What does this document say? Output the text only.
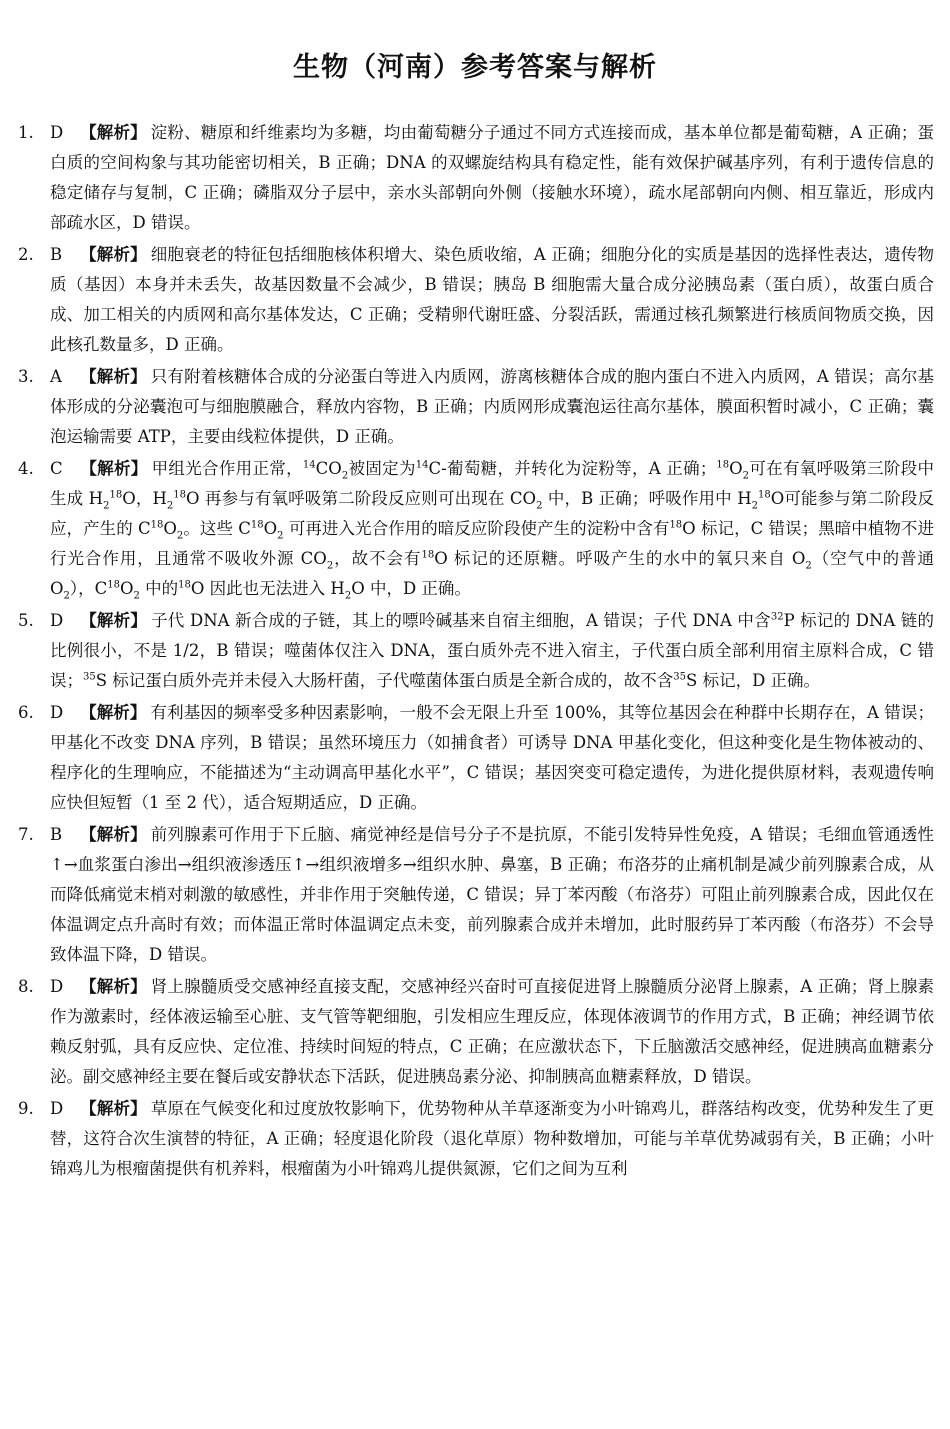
生物（河南）参考答案与解析
1. D 【解析】 淀粉、糖原和纤维素均为多糖，均由葡萄糖分子通过不同方式连接而成，基本单位都是葡萄糖，A 正确；蛋白质的空间构象与其功能密切相关，B 正确；DNA 的双螺旋结构具有稳定性，能有效保护碱基序列，有利于遗传信息的稳定储存与复制，C 正确；磷脂双分子层中，亲水头部朝向外侧（接触水环境），疏水尾部朝向内侧、相互靠近，形成内部疏水区，D 错误。
2. B 【解析】 细胞衰老的特征包括细胞核体积增大、染色质收缩，A 正确；细胞分化的实质是基因的选择性表达，遗传物质（基因）本身并未丢失，故基因数量不会减少，B 错误；胰岛 B 细胞需大量合成分泌胰岛素（蛋白质），故蛋白质合成、加工相关的内质网和高尔基体发达，C 正确；受精卵代谢旺盛、分裂活跃，需通过核孔频繁进行核质间物质交换，因此核孔数量多，D 正确。
3. A 【解析】 只有附着核糖体合成的分泌蛋白等进入内质网，游离核糖体合成的胞内蛋白不进入内质网，A 错误；高尔基体形成的分泌囊泡可与细胞膜融合，释放内容物，B 正确；内质网形成囊泡运往高尔基体，膜面积暂时减小，C 正确；囊泡运输需要 ATP，主要由线粒体提供，D 正确。
4. C 【解析】 甲组光合作用正常，$^{14}CO_2$被固定为$^{14}$C-葡萄糖，并转化为淀粉等，A 正确；$^{18}O_2$可在有氧呼吸第三阶段中生成 $H_2^{18}O$，$H_2^{18}O$ 再参与有氧呼吸第二阶段反应则可出现在 $CO_2$ 中，B 正确；呼吸作用中 $H_2^{18}O$可能参与第二阶段反应，产生的 $C^{18}O_2$。这些 $C^{18}O_2$ 可再进入光合作用的暗反应阶段使产生的淀粉中含有$^{18}$O 标记，C 错误；黑暗中植物不进行光合作用，且通常不吸收外源 $CO_2$，故不会有$^{18}$O 标记的还原糖。呼吸产生的水中的氧只来自 $O_2$（空气中的普通 $O_2$），$C^{18}O_2$ 中的$^{18}$O 因此也无法进入 $H_2O$ 中，D 正确。
5. D 【解析】 子代 DNA 新合成的子链，其上的嘌呤碱基来自宿主细胞，A 错误；子代 DNA 中含$^{32}$P 标记的 DNA 链的比例很小，不是 1/2，B 错误；噬菌体仅注入 DNA，蛋白质外壳不进入宿主，子代蛋白质全部利用宿主原料合成，C 错误；$^{35}$S 标记蛋白质外壳并未侵入大肠杆菌，子代噬菌体蛋白质是全新合成的，故不含$^{35}$S 标记，D 正确。
6. D 【解析】 有利基因的频率受多种因素影响，一般不会无限上升至 100%，其等位基因会在种群中长期存在，A 错误；甲基化不改变 DNA 序列，B 错误；虽然环境压力（如捕食者）可诱导 DNA 甲基化变化，但这种变化是生物体被动的、程序化的生理响应，不能描述为“主动调高甲基化水平”，C 错误；基因突变可稳定遗传，为进化提供原材料，表观遗传响应快但短暂（1 至 2 代），适合短期适应，D 正确。
7. B 【解析】 前列腺素可作用于下丘脑、痛觉神经是信号分子不是抗原，不能引发特异性免疫，A 错误；毛细血管通透性↑→血浆蛋白渗出→组织液渗透压↑→组织液增多→组织水肿、鼻塞，B 正确；布洛芬的止痛机制是减少前列腺素合成，从而降低痛觉末梢对刺激的敏感性，并非作用于突触传递，C 错误；异丁苯丙酸（布洛芬）可阻止前列腺素合成，因此仅在体温调定点升高时有效；而体温正常时体温调定点未变，前列腺素合成并未增加，此时服药异丁苯丙酸（布洛芬）不会导致体温下降，D 错误。
8. D 【解析】 肾上腺髓质受交感神经直接支配，交感神经兴奋时可直接促进肾上腺髓质分泌肾上腺素，A 正确；肾上腺素作为激素时，经体液运输至心脏、支气管等靶细胞，引发相应生理反应，体现体液调节的作用方式，B 正确；神经调节依赖反射弧，具有反应快、定位准、持续时间短的特点，C 正确；在应激状态下，下丘脑激活交感神经，促进胰高血糖素分泌。副交感神经主要在餐后或安静状态下活跃，促进胰岛素分泌、抑制胰高血糖素释放，D 错误。
9. D 【解析】 草原在气候变化和过度放牧影响下，优势物种从羊草逐渐变为小叶锦鸡儿，群落结构改变，优势种发生了更替，这符合次生演替的特征，A 正确；轻度退化阶段（退化草原）物种数增加，可能与羊草优势减弱有关，B 正确；小叶锦鸡儿为根瘤菌提供有机养料，根瘤菌为小叶锦鸡儿提供氮源，它们之间为互利
